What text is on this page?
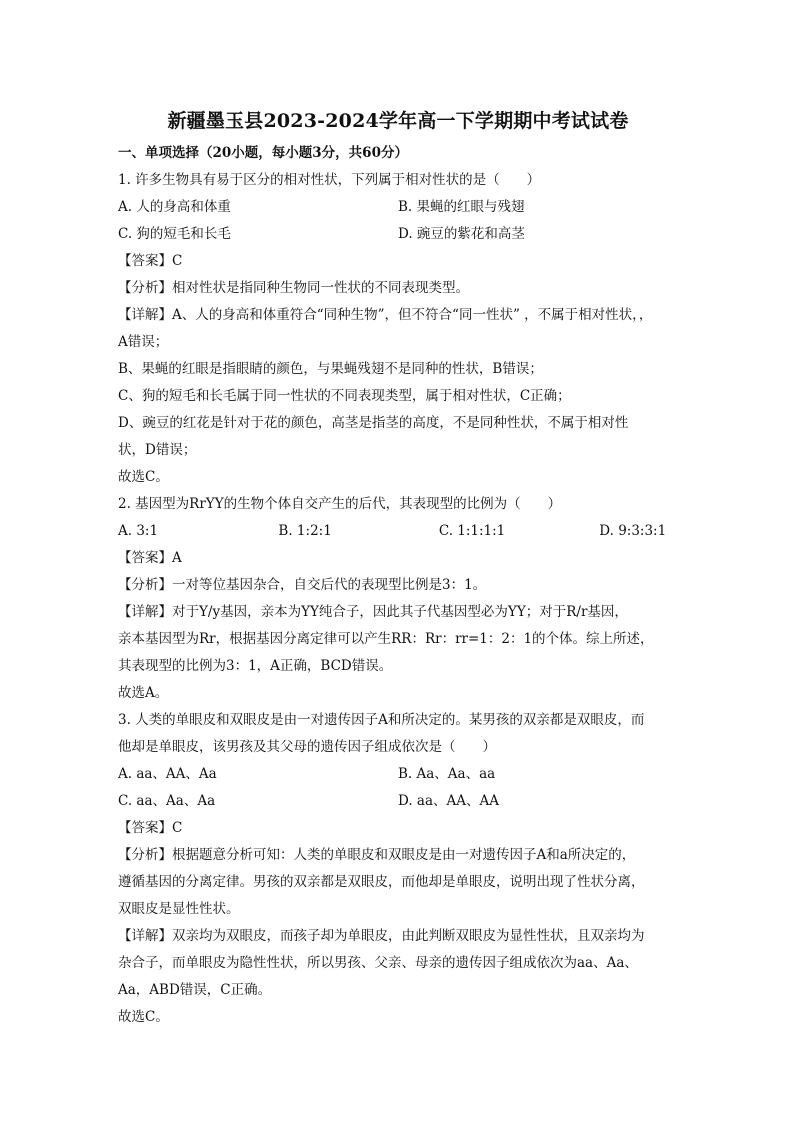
新疆墨玉县2023-2024学年高一下学期期中考试试卷
一、单项选择（20小题，每小题3分，共60分）

1. 许多生物具有易于区分的相对性状，下列属于相对性状的是（　　）

A. 人的身高和体重	B. 果蝇的红眼与残翅
C. 狗的短毛和长毛	D. 豌豆的紫花和高茎

【答案】C

【分析】相对性状是指同种生物同一性状的不同表现类型。

【详解】A、人的身高和体重符合“同种生物”，但不符合“同一性状” ，不属于相对性状，，

A错误；

B、果蝇的红眼是指眼睛的颜色，与果蝇残翅不是同种的性状，B错误；

C、狗的短毛和长毛属于同一性状的不同表现类型，属于相对性状，C正确；

D、豌豆的红花是针对于花的颜色，高茎是指茎的高度，不是同种性状，不属于相对性

状，D错误；

故选C。

2. 基因型为RrYY的生物个体自交产生的后代，其表现型的比例为（　　）

A. 3:1	B. 1:2:1	C. 1:1:1:1	D. 9:3:3:1

【答案】A

【分析】一对等位基因杂合，自交后代的表现型比例是3：1。

【详解】对于Y/y基因，亲本为YY纯合子，因此其子代基因型必为YY；对于R/r基因，

亲本基因型为Rr，根据基因分离定律可以产生RR：Rr：rr=1：2：1的个体。综上所述，

其表现型的比例为3：1，A正确，BCD错误。

故选A。

3. 人类的单眼皮和双眼皮是由一对遗传因子A和所决定的。某男孩的双亲都是双眼皮，而

他却是单眼皮，该男孩及其父母的遗传因子组成依次是（　　）

A. aa、AA、Aa	B. Aa、Aa、aa
C. aa、Aa、Aa	D. aa、AA、AA

【答案】C

【分析】根据题意分析可知：人类的单眼皮和双眼皮是由一对遗传因子A和a所决定的，

遵循基因的分离定律。男孩的双亲都是双眼皮，而他却是单眼皮，说明出现了性状分离，

双眼皮是显性性状。

【详解】双亲均为双眼皮，而孩子却为单眼皮，由此判断双眼皮为显性性状，且双亲均为

杂合子，而单眼皮为隐性性状，所以男孩、父亲、母亲的遗传因子组成依次为aa、Aa、

Aa，ABD错误，C正确。

故选C。
